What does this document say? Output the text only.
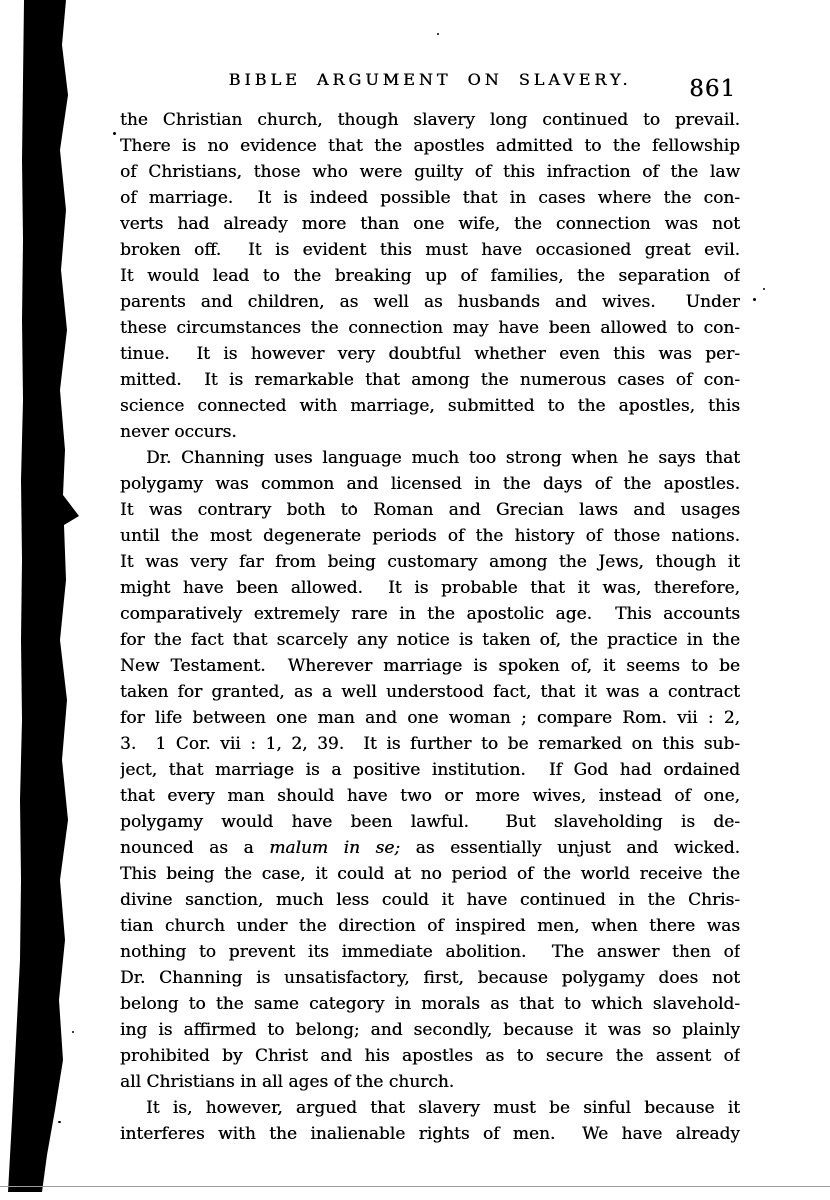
BIBLE ARGUMENT ON SLAVERY.	861
the Christian church, though slavery long continued to prevail.
There is no evidence that the apostles admitted to the fellowship
of Christians, those who were guilty of this infraction of the law
of marriage.  It is indeed possible that in cases where the con-
verts had already more than one wife, the connection was not
broken off.  It is evident this must have occasioned great evil.
It would lead to the breaking up of families, the separation of
parents and children, as well as husbands and wives.  Under
these circumstances the connection may have been allowed to con-
tinue.  It is however very doubtful whether even this was per-
mitted.  It is remarkable that among the numerous cases of con-
science connected with marriage, submitted to the apostles, this
never occurs.
Dr. Channing uses language much too strong when he says that
polygamy was common and licensed in the days of the apostles.
It was contrary both to Roman and Grecian laws and usages
until the most degenerate periods of the history of those nations.
It was very far from being customary among the Jews, though it
might have been allowed.  It is probable that it was, therefore,
comparatively extremely rare in the apostolic age.  This accounts
for the fact that scarcely any notice is taken of, the practice in the
New Testament.  Wherever marriage is spoken of, it seems to be
taken for granted, as a well understood fact, that it was a contract
for life between one man and one woman ; compare Rom. vii : 2,
3.  1 Cor. vii : 1, 2, 39.  It is further to be remarked on this sub-
ject, that marriage is a positive institution.  If God had ordained
that every man should have two or more wives, instead of one,
polygamy would have been lawful.  But slaveholding is de-
nounced as a malum in se; as essentially unjust and wicked.
This being the case, it could at no period of the world receive the
divine sanction, much less could it have continued in the Chris-
tian church under the direction of inspired men, when there was
nothing to prevent its immediate abolition.  The answer then of
Dr. Channing is unsatisfactory, first, because polygamy does not
belong to the same category in morals as that to which slavehold-
ing is affirmed to belong; and secondly, because it was so plainly
prohibited by Christ and his apostles as to secure the assent of
all Christians in all ages of the church.
It is, however, argued that slavery must be sinful because it
interferes with the inalienable rights of men.  We have already
